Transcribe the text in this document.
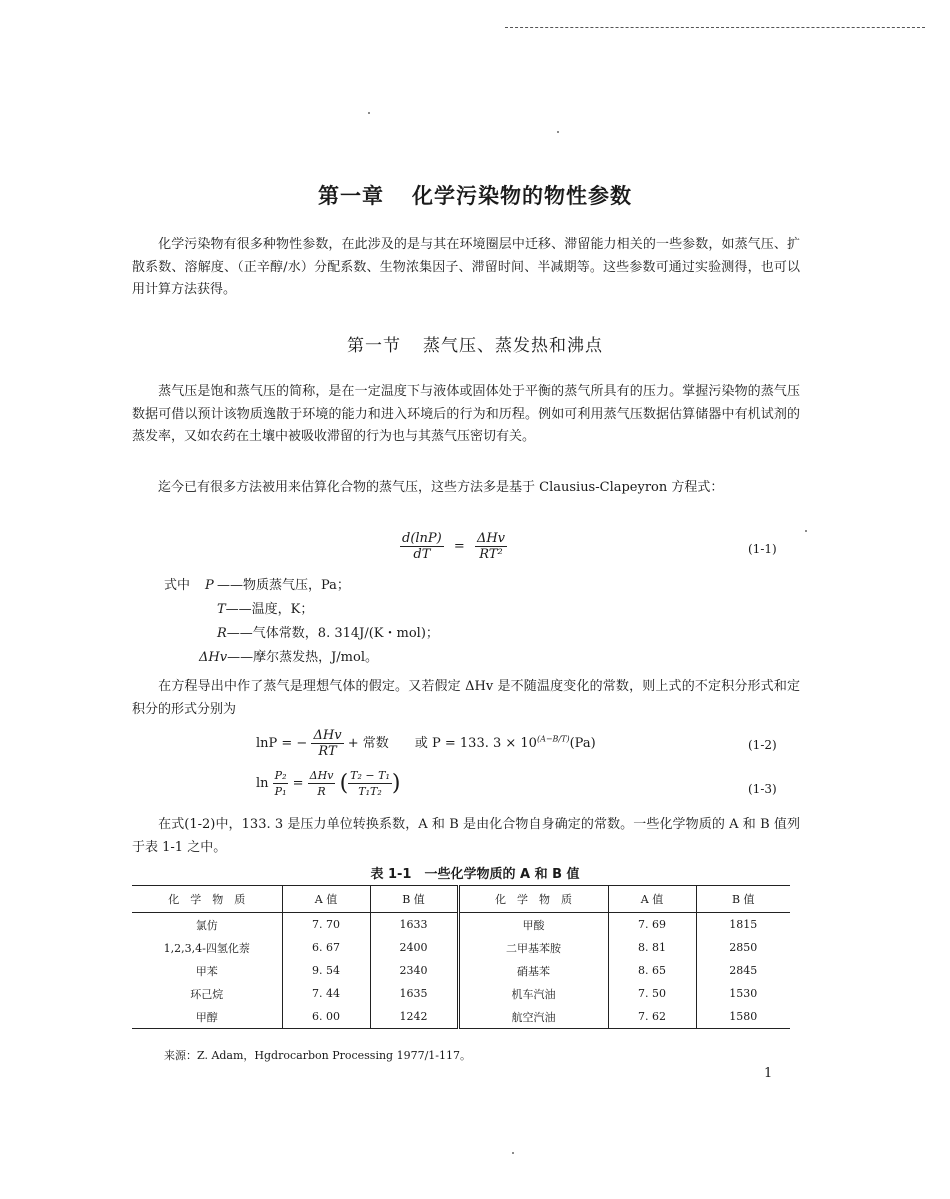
第一章 化学污染物的物性参数
化学污染物有很多种物性参数，在此涉及的是与其在环境圈层中迁移、滞留能力相关的一些参数，如蒸气压、扩散系数、溶解度、（正辛醇/水）分配系数、生物浓集因子、滞留时间、半减期等。这些参数可通过实验测得，也可以用计算方法获得。
第一节 蒸气压、蒸发热和沸点
蒸气压是饱和蒸气压的简称，是在一定温度下与液体或固体处于平衡的蒸气所具有的压力。掌握污染物的蒸气压数据可借以预计该物质逸散于环境的能力和进入环境后的行为和历程。例如可利用蒸气压数据估算储器中有机试剂的蒸发率，又如农药在土壤中被吸收滞留的行为也与其蒸气压密切有关。
迄今已有很多方法被用来估算化合物的蒸气压，这些方法多是基于 Clausius-Clapeyron 方程式：
$\frac{d(\ln P)}{dT} = \frac{\text{ΔHv}}{\text{RT²}}$	(1-1)
式中 P ——物质蒸气压，Pa；
T——温度，K；
R——气体常数，8. 314J/(K・mol)；
ΔHv——摩尔蒸发热，J/mol。
在方程导出中作了蒸气是理想气体的假定。又若假定 ΔHv 是不随温度变化的常数，则上式的不定积分形式和定积分的形式分别为
lnP = − $\frac{\text{ΔHv}}{RT}$ + 常数 或 P = 133. $3 \times 10^{(A-B/T)}(Pa)$	(1-2)
$\ln \frac{\text{P₂}}{\text{P₁}} = \frac{\text{ΔHv}}{R}$ ( $\frac{\text{T₂ − T₁}}{\text{T₁T₂}}$ )	(1-3)
在式(1-2)中，133. 3 是压力单位转换系数，A 和 B 是由化合物自身确定的常数。一些化学物质的 A 和 B 值列于表 1-1 之中。
表 1-1　一些化学物质的 A 和 B 值
化　学　物　质	A 值	B 值	化　学　物　质	A 值	B 值
氯仿	7. 70	1633	甲酸	7. 69	1815
1,2,3,4-四氢化萘	6. 67	2400	二甲基苯胺	8. 81	2850
甲苯	9. 54	2340	硝基苯	8. 65	2845
环己烷	7. 44	1635	机车汽油	7. 50	1530
甲醇	6. 00	1242	航空汽油	7. 62	1580
来源：Z. Adam，Hgdrocarbon Processing 1977/1-117。
1
